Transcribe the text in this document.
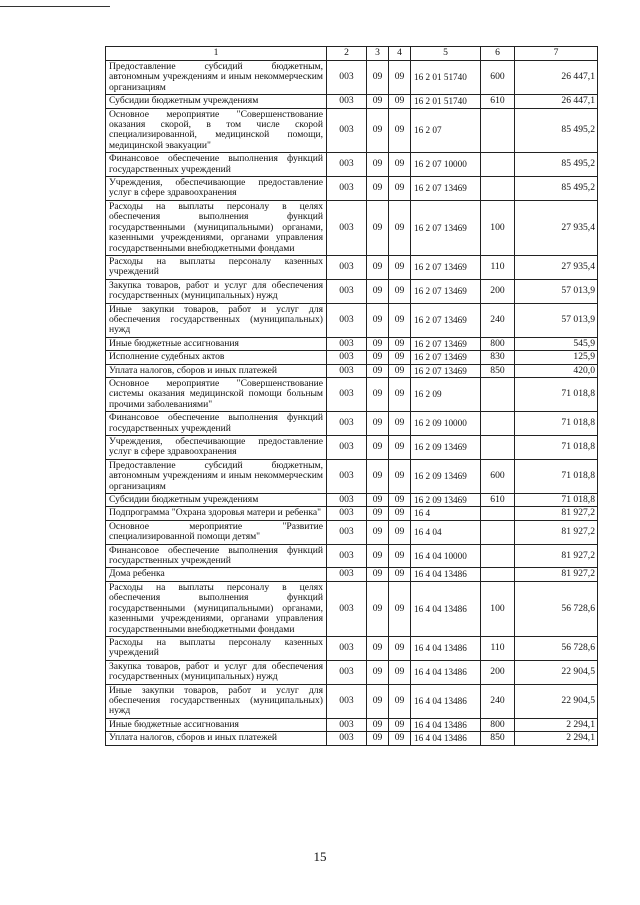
1	2	3	4	5	6	7
Предоставление субсидий бюджетным, автономным учреждениям и иным некоммерческим организациям	003	09	09	16 2 01 51740	600	26 447,1
Субсидии бюджетным учреждениям	003	09	09	16 2 01 51740	610	26 447,1
Основное мероприятие "Совершенствование оказания скорой, в том числе скорой специализированной, медицинской помощи, медицинской эвакуации"	003	09	09	16 2 07		85 495,2
Финансовое обеспечение выполнения функций государственных учреждений	003	09	09	16 2 07 10000		85 495,2
Учреждения, обеспечивающие предоставление услуг в сфере здравоохранения	003	09	09	16 2 07 13469		85 495,2
Расходы на выплаты персоналу в целях обеспечения выполнения функций государственными (муниципальными) органами, казенными учреждениями, органами управления государственными внебюджетными фондами	003	09	09	16 2 07 13469	100	27 935,4
Расходы на выплаты персоналу казенных учреждений	003	09	09	16 2 07 13469	110	27 935,4
Закупка товаров, работ и услуг для обеспечения государственных (муниципальных) нужд	003	09	09	16 2 07 13469	200	57 013,9
Иные закупки товаров, работ и услуг для обеспечения государственных (муниципальных) нужд	003	09	09	16 2 07 13469	240	57 013,9
Иные бюджетные ассигнования	003	09	09	16 2 07 13469	800	545,9
Исполнение судебных актов	003	09	09	16 2 07 13469	830	125,9
Уплата налогов, сборов и иных платежей	003	09	09	16 2 07 13469	850	420,0
Основное мероприятие "Совершенствование системы оказания медицинской помощи больным прочими заболеваниями"	003	09	09	16 2 09		71 018,8
Финансовое обеспечение выполнения функций государственных учреждений	003	09	09	16 2 09 10000		71 018,8
Учреждения, обеспечивающие предоставление услуг в сфере здравоохранения	003	09	09	16 2 09 13469		71 018,8
Предоставление субсидий бюджетным, автономным учреждениям и иным некоммерческим организациям	003	09	09	16 2 09 13469	600	71 018,8
Субсидии бюджетным учреждениям	003	09	09	16 2 09 13469	610	71 018,8
Подпрограмма "Охрана здоровья матери и ребенка"	003	09	09	16 4		81 927,2
Основное мероприятие "Развитие специализированной помощи детям"	003	09	09	16 4 04		81 927,2
Финансовое обеспечение выполнения функций государственных учреждений	003	09	09	16 4 04 10000		81 927,2
Дома ребенка	003	09	09	16 4 04 13486		81 927,2
Расходы на выплаты персоналу в целях обеспечения выполнения функций государственными (муниципальными) органами, казенными учреждениями, органами управления государственными внебюджетными фондами	003	09	09	16 4 04 13486	100	56 728,6
Расходы на выплаты персоналу казенных учреждений	003	09	09	16 4 04 13486	110	56 728,6
Закупка товаров, работ и услуг для обеспечения государственных (муниципальных) нужд	003	09	09	16 4 04 13486	200	22 904,5
Иные закупки товаров, работ и услуг для обеспечения государственных (муниципальных) нужд	003	09	09	16 4 04 13486	240	22 904,5
Иные бюджетные ассигнования	003	09	09	16 4 04 13486	800	2 294,1
Уплата налогов, сборов и иных платежей	003	09	09	16 4 04 13486	850	2 294,1
15
